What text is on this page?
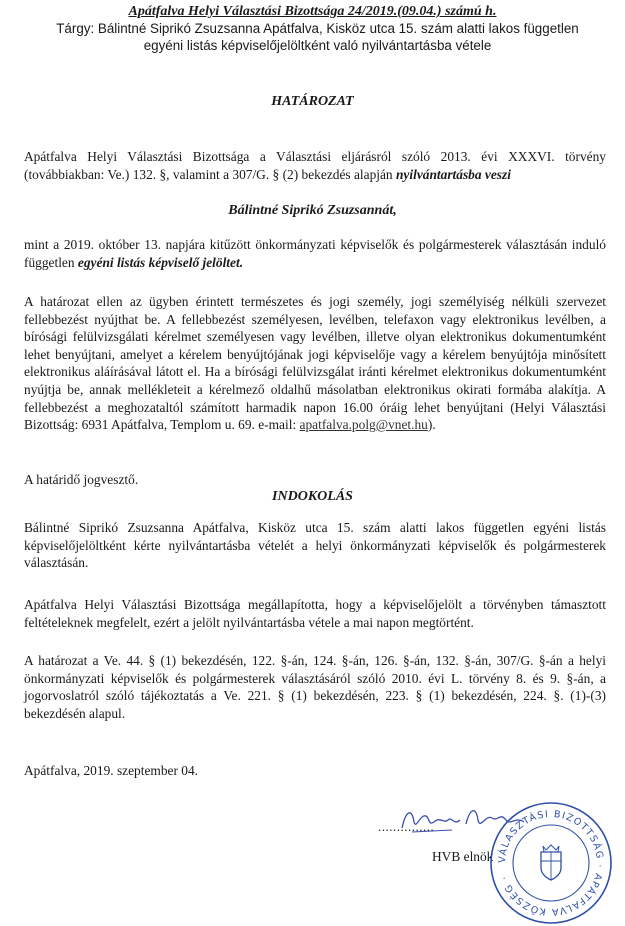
Apátfalva Helyi Választási Bizottsága 24/2019.(09.04.) számú h.
Tárgy: Bálintné Siprikó Zsuzsanna Apátfalva, Kisköz utca 15. szám alatti lakos független
egyéni listás képviselőjelöltként való nyilvántartásba vétele
HATÁROZAT
Apátfalva Helyi Választási Bizottsága a Választási eljárásról szóló 2013. évi XXXVI. törvény (továbbiakban: Ve.) 132. §, valamint a 307/G. § (2) bekezdés alapján nyilvántartásba veszi
Bálintné Siprikó Zsuzsannát,
mint a 2019. október 13. napjára kitűzött önkormányzati képviselők és polgármesterek választásán induló független egyéni listás képviselő jelöltet.
A határozat ellen az ügyben érintett természetes és jogi személy, jogi személyiség nélküli szervezet fellebbezést nyújthat be. A fellebbezést személyesen, levélben, telefaxon vagy elektronikus levélben, a bírósági felülvizsgálati kérelmet személyesen vagy levélben, illetve olyan elektronikus dokumentumként lehet benyújtani, amelyet a kérelem benyújtójának jogi képviselője vagy a kérelem benyújtója minősített elektronikus aláírásával látott el. Ha a bírósági felülvizsgálat iránti kérelmet elektronikus dokumentumként nyújtja be, annak mellékleteit a kérelmező oldalhű másolatban elektronikus okirati formába alakítja. A fellebbezést a meghozataltól számított harmadik napon 16.00 óráig lehet benyújtani (Helyi Választási Bizottság: 6931 Apátfalva, Templom u. 69. e-mail: apatfalva.polg@vnet.hu).
A határidő jogvesztő.
INDOKOLÁS
Bálintné Siprikó Zsuzsanna Apátfalva, Kisköz utca 15. szám alatti lakos független egyéni listás képviselőjelöltként kérte nyilvántartásba vételét a helyi önkormányzati képviselők és polgármesterek választásán.
Apátfalva Helyi Választási Bizottsága megállapította, hogy a képviselőjelölt a törvényben támasztott feltételeknek megfelelt, ezért a jelölt nyilvántartásba vétele a mai napon megtörtént.
A határozat a Ve. 44. § (1) bekezdésén, 122. §-án, 124. §-án, 126. §-án, 132. §-án, 307/G. §-án a helyi önkormányzati képviselők és polgármesterek választásáról szóló 2010. évi L. törvény 8. és 9. §-án, a jogorvoslatról szóló tájékoztatás a Ve. 221. § (1) bekezdésén, 223. § (1) bekezdésén, 224. §. (1)-(3) bekezdésén alapul.
Apátfalva, 2019. szeptember 04.
...............
HVB elnök VÁLASZTÁSI BIZOTTSÁG · APÁTFALVA KÖZSÉG ·
